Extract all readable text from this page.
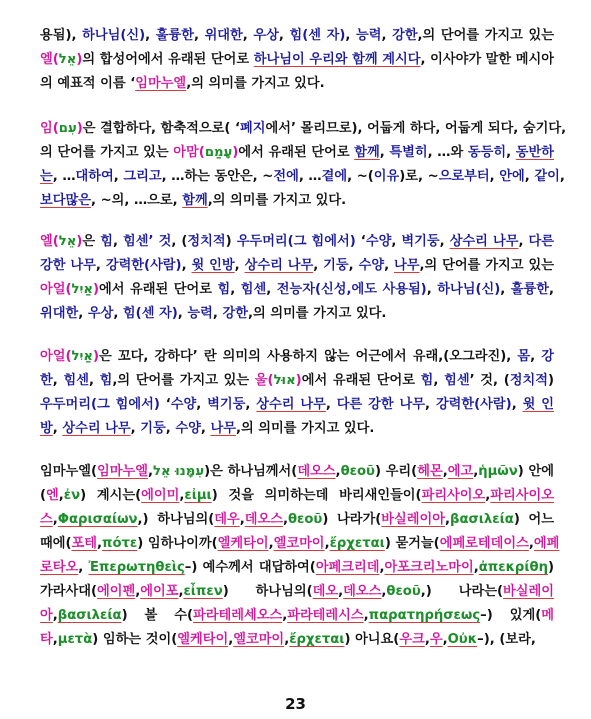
용됨), 하나님(신), 훌륭한, 위대한, 우상, 힘(센 자), 능력, 강한,의 단어를 가지고 있는
엘(אֵל)의 합성어에서 유래된 단어로 하나님이 우리와 함께 계시다, 이사야가 말한 메시아
의 예표적 이름 ‘임마누엘,의 의미를 가지고 있다.
임(עִם)은 결합하다, 함축적으로( ‘폐지에서’ 몰리므로), 어둡게 하다, 어둡게 되다, 숨기다,
의 단어를 가지고 있는 아맘(עָמַם)에서 유래된 단어로 함께, 특별히, …와 동등히, 동반하
는, …대하여, 그리고, …하는 동안은, ~전에, …곁에, ~(이유)로, ~으로부터, 안에, 같이,
보다많은, ~의, …으로, 함께,의 의미를 가지고 있다.
엘(אֵל)은 힘, 힘센’ 것, (정치적) 우두머리(그 힘에서) ‘수양, 벽기둥, 상수리 나무, 다른
강한 나무, 강력한(사람), 윗 인방, 상수리 나무, 기둥, 수양, 나무,의 단어를 가지고 있는
아얼(אַיִל)에서 유래된 단어로 힘, 힘센, 전능자(신성,에도 사용됨), 하나님(신), 훌륭한,
위대한, 우상, 힘(센 자), 능력, 강한,의 의미를 가지고 있다.
아얼(אַיִל)은 꼬다, 강하다’ 란 의미의 사용하지 않는 어근에서 유래,(오그라진), 몸, 강
한, 힘센, 힘,의 단어를 가지고 있는 울(אוּל)에서 유래된 단어로 힘, 힘센’ 것, (정치적)
우두머리(그 힘에서) ‘수양, 벽기둥, 상수리 나무, 다른 강한 나무, 강력한(사람), 윗 인
방, 상수리 나무, 기둥, 수양, 나무,의 의미를 가지고 있다.
임마누엘(임마누엘,עִמָּנוּ אֵל)은 하나님께서(데오스,θεοῦ) 우리(헤몬,에고,ἡμῶν) 안에
(엔,ἐν) 계시는(에이미,εἰμι) 것을 의미하는데 바리새인들이(파리사이오,파리사이오
스,Φαρισαίων,) 하나님의(데우,데오스,θεοῦ) 나라가(바실레이아,βασιλεία) 어느
때에(포테,πότε) 임하나이까(엘케타이,엘코마이,ἔρχεται) 묻거늘(에페로테데이스,에페
로타오, Ἐπερωτηθεὶς–) 예수께서 대답하여(아페크리데,아포크리노마이,ἀπεκρίθη)
가라사대(에이펜,에이포,εἶπεν) 하나님의(데오,데오스,θεοῦ,) 나라는(바실레이
아,βασιλεία) 볼 수(파라테레세오스,파라테레시스,παρατηρήσεως–) 있게(메
타,μετὰ) 임하는 것이(엘케타이,엘코마이,ἔρχεται) 아니요(우크,우,Οὐκ–), (보라,
23
